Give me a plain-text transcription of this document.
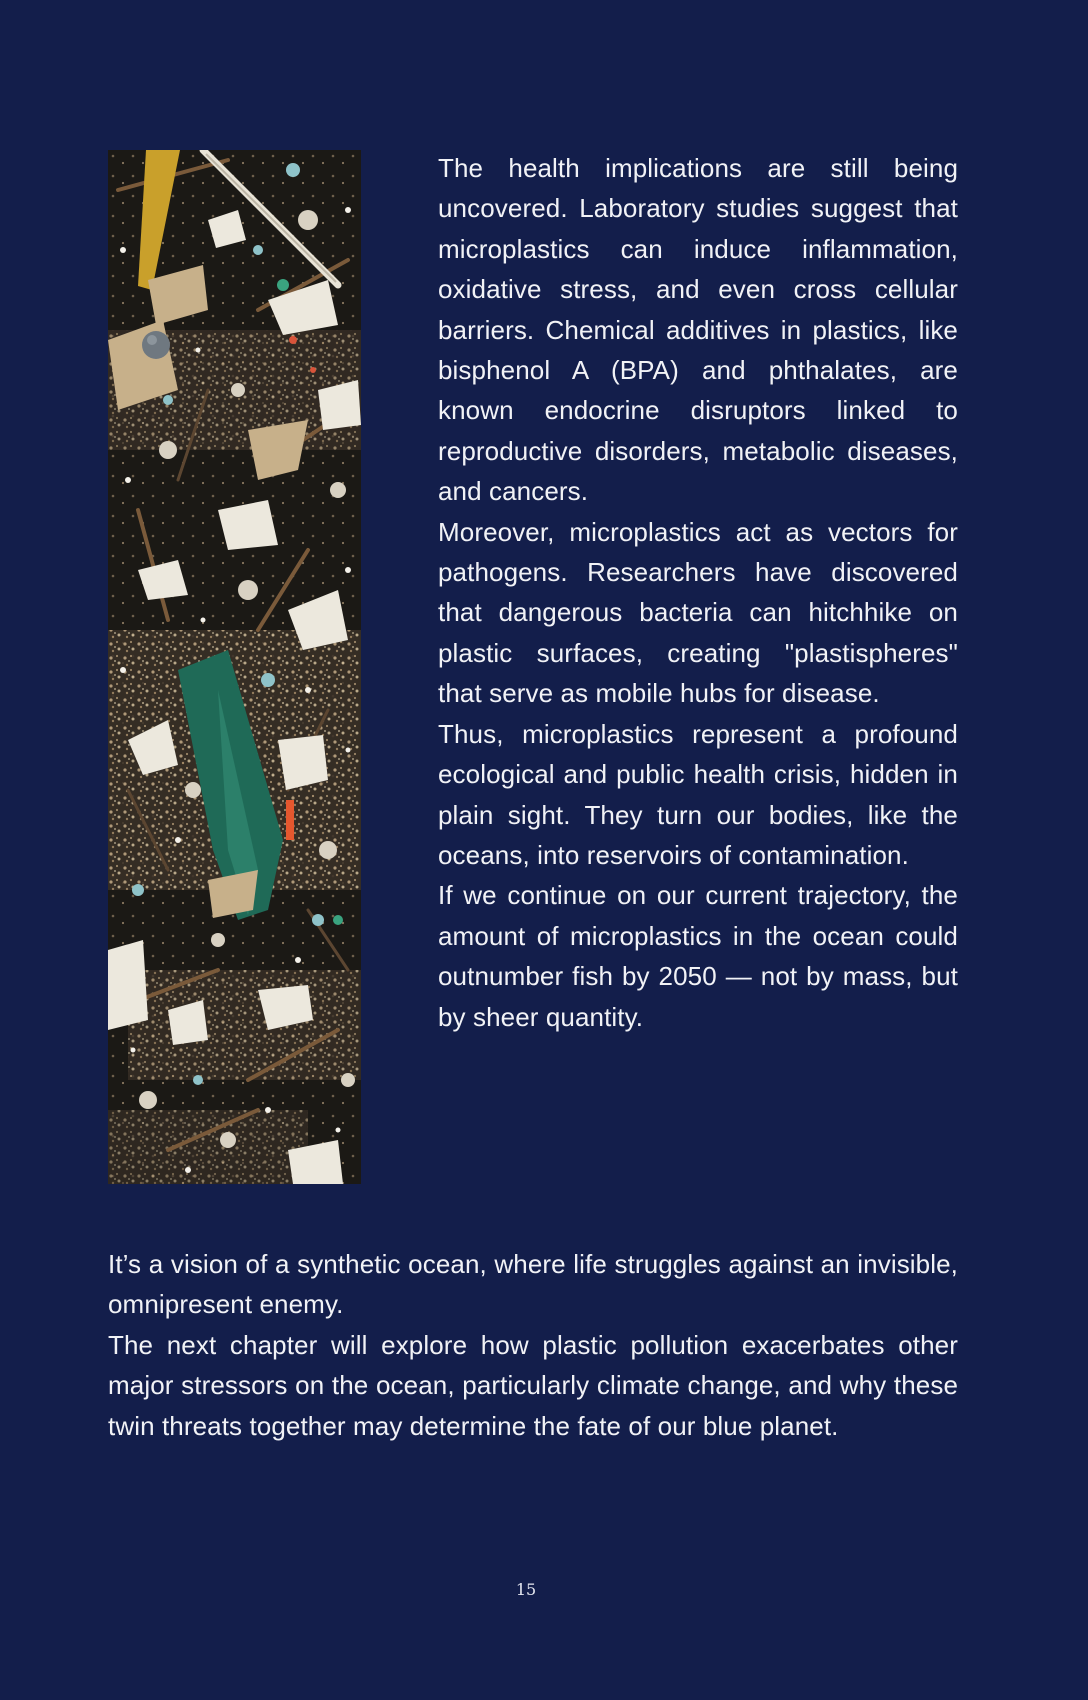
The health implications are still being uncovered. Laboratory studies suggest that microplastics can induce inflammation, oxidative stress, and even cross cellular barriers. Chemical additives in plastics, like bisphenol A (BPA) and phthalates, are known endocrine disruptors linked to reproductive disorders, metabolic diseases, and cancers.

Moreover, microplastics act as vectors for pathogens. Researchers have discovered that dangerous bacteria can hitchhike on plastic surfaces, creating "plastispheres" that serve as mobile hubs for disease.

Thus, microplastics represent a profound ecological and public health crisis, hidden in plain sight. They turn our bodies, like the oceans, into reservoirs of contamination.

If we continue on our current trajectory, the amount of microplastics in the ocean could outnumber fish by 2050 — not by mass, but by sheer quantity.

It’s a vision of a synthetic ocean, where life struggles against an invisible, omnipresent enemy.

The next chapter will explore how plastic pollution exacerbates other major stressors on the ocean, particularly climate change, and why these twin threats together may determine the fate of our blue planet.

15
